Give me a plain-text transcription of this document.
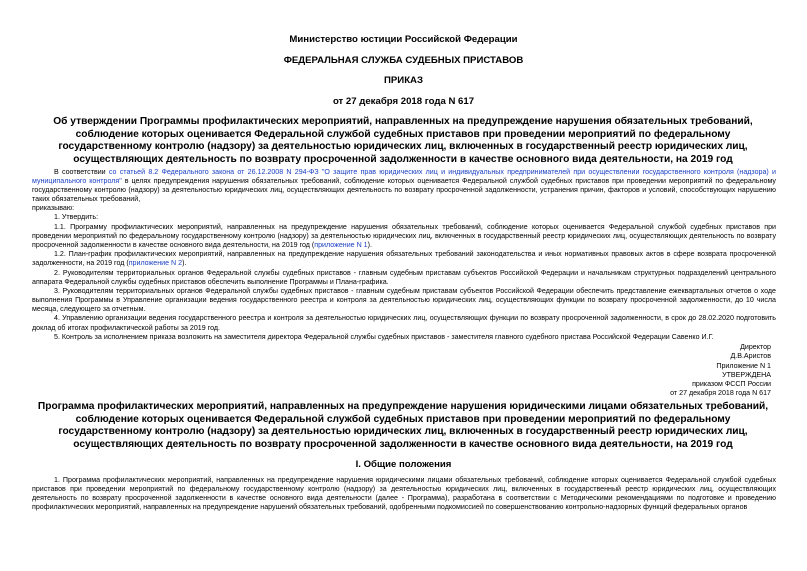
Министерство юстиции Российской Федерации
ФЕДЕРАЛЬНАЯ СЛУЖБА СУДЕБНЫХ ПРИСТАВОВ
ПРИКАЗ
от 27 декабря 2018 года N 617
Об утверждении Программы профилактических мероприятий, направленных на предупреждение нарушения обязательных требований, соблюдение которых оценивается Федеральной службой судебных приставов при проведении мероприятий по федеральному государственному контролю (надзору) за деятельностью юридических лиц, включенных в государственный реестр юридических лиц, осуществляющих деятельность по возврату просроченной задолженности в качестве основного вида деятельности, на 2019 год
В соответствии со статьей 8.2 Федерального закона от 26.12.2008 N 294-ФЗ "О защите прав юридических лиц и индивидуальных предпринимателей при осуществлении государственного контроля (надзора) и муниципального контроля" в целях предупреждения нарушения обязательных требований, соблюдение которых оценивается Федеральной службой судебных приставов при проведении мероприятий по федеральному государственному контролю (надзору) за деятельностью юридических лиц, осуществляющих деятельность по возврату просроченной задолженности, устранения причин, факторов и условий, способствующих нарушению таких обязательных требований,
приказываю:
1. Утвердить:
1.1. Программу профилактических мероприятий, направленных на предупреждение нарушения обязательных требований, соблюдение которых оценивается Федеральной службой судебных приставов при проведении мероприятий по федеральному государственному контролю (надзору) за деятельностью юридических лиц, включенных в государственный реестр юридических лиц, осуществляющих деятельность по возврату просроченной задолженности в качестве основного вида деятельности, на 2019 год (приложение N 1).
1.2. План-график профилактических мероприятий, направленных на предупреждение нарушения обязательных требований законодательства и иных нормативных правовых актов в сфере возврата просроченной задолженности, на 2019 год (приложение N 2).
2. Руководителям территориальных органов Федеральной службы судебных приставов - главным судебным приставам субъектов Российской Федерации и начальникам структурных подразделений центрального аппарата Федеральной службы судебных приставов обеспечить выполнение Программы и Плана-графика.
3. Руководителям территориальных органов Федеральной службы судебных приставов - главным судебным приставам субъектов Российской Федерации обеспечить представление ежеквартальных отчетов о ходе выполнения Программы в Управление организации ведения государственного реестра и контроля за деятельностью юридических лиц, осуществляющих функции по возврату просроченной задолженности, до 10 числа месяца, следующего за отчетным.
4. Управлению организации ведения государственного реестра и контроля за деятельностью юридических лиц, осуществляющих функции по возврату просроченной задолженности, в срок до 28.02.2020 подготовить доклад об итогах профилактической работы за 2019 год.
5. Контроль за исполнением приказа возложить на заместителя директора Федеральной службы судебных приставов - заместителя главного судебного пристава Российской Федерации Савенко И.Г.
Директор
Д.В.Аристов
Приложение N 1
УТВЕРЖДЕНА
приказом ФССП России
от 27 декабря 2018 года N 617
Программа профилактических мероприятий, направленных на предупреждение нарушения юридическими лицами обязательных требований, соблюдение которых оценивается Федеральной службой судебных приставов при проведении мероприятий по федеральному государственному контролю (надзору) за деятельностью юридических лиц, включенных в государственный реестр юридических лиц, осуществляющих деятельность по возврату просроченной задолженности в качестве основного вида деятельности, на 2019 год
I. Общие положения
1. Программа профилактических мероприятий, направленных на предупреждение нарушения юридическими лицами обязательных требований, соблюдение которых оценивается Федеральной службой судебных приставов при проведении мероприятий по федеральному государственному контролю (надзору) за деятельностью юридических лиц, включенных в государственный реестр юридических лиц, осуществляющих деятельность по возврату просроченной задолженности в качестве основного вида деятельности (далее - Программа), разработана в соответствии с Методическими рекомендациями по подготовке и проведению профилактических мероприятий, направленных на предупреждение нарушений обязательных требований, одобренными подкомиссией по совершенствованию контрольно-надзорных функций федеральных органов
